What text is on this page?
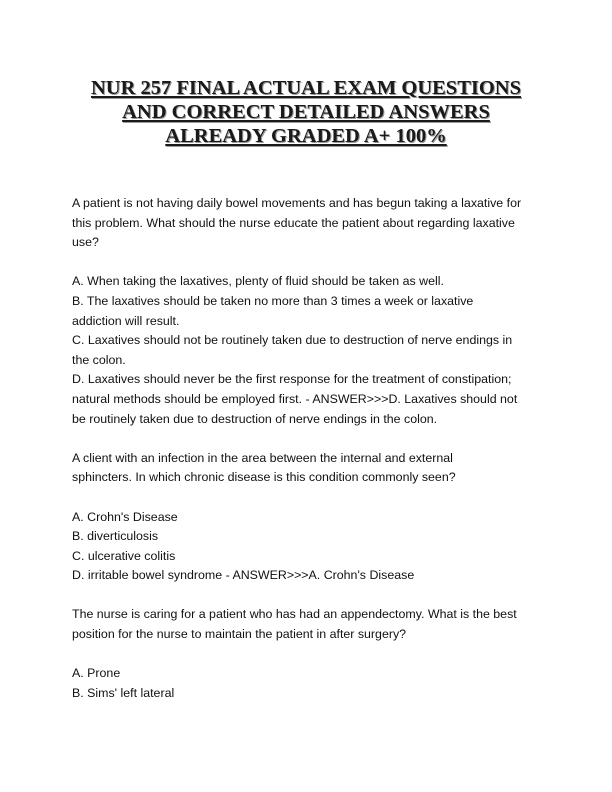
NUR 257 FINAL ACTUAL EXAM QUESTIONS
AND CORRECT DETAILED ANSWERS
ALREADY GRADED A+ 100%
A patient is not having daily bowel movements and has begun taking a laxative for
this problem. What should the nurse educate the patient about regarding laxative
use?
A. When taking the laxatives, plenty of fluid should be taken as well.
B. The laxatives should be taken no more than 3 times a week or laxative
addiction will result.
C. Laxatives should not be routinely taken due to destruction of nerve endings in
the colon.
D. Laxatives should never be the first response for the treatment of constipation;
natural methods should be employed first. - ANSWER>>>D. Laxatives should not
be routinely taken due to destruction of nerve endings in the colon.
A client with an infection in the area between the internal and external
sphincters. In which chronic disease is this condition commonly seen?
A. Crohn's Disease
B. diverticulosis
C. ulcerative colitis
D. irritable bowel syndrome - ANSWER>>>A. Crohn's Disease
The nurse is caring for a patient who has had an appendectomy. What is the best
position for the nurse to maintain the patient in after surgery?
A. Prone
B. Sims' left lateral
